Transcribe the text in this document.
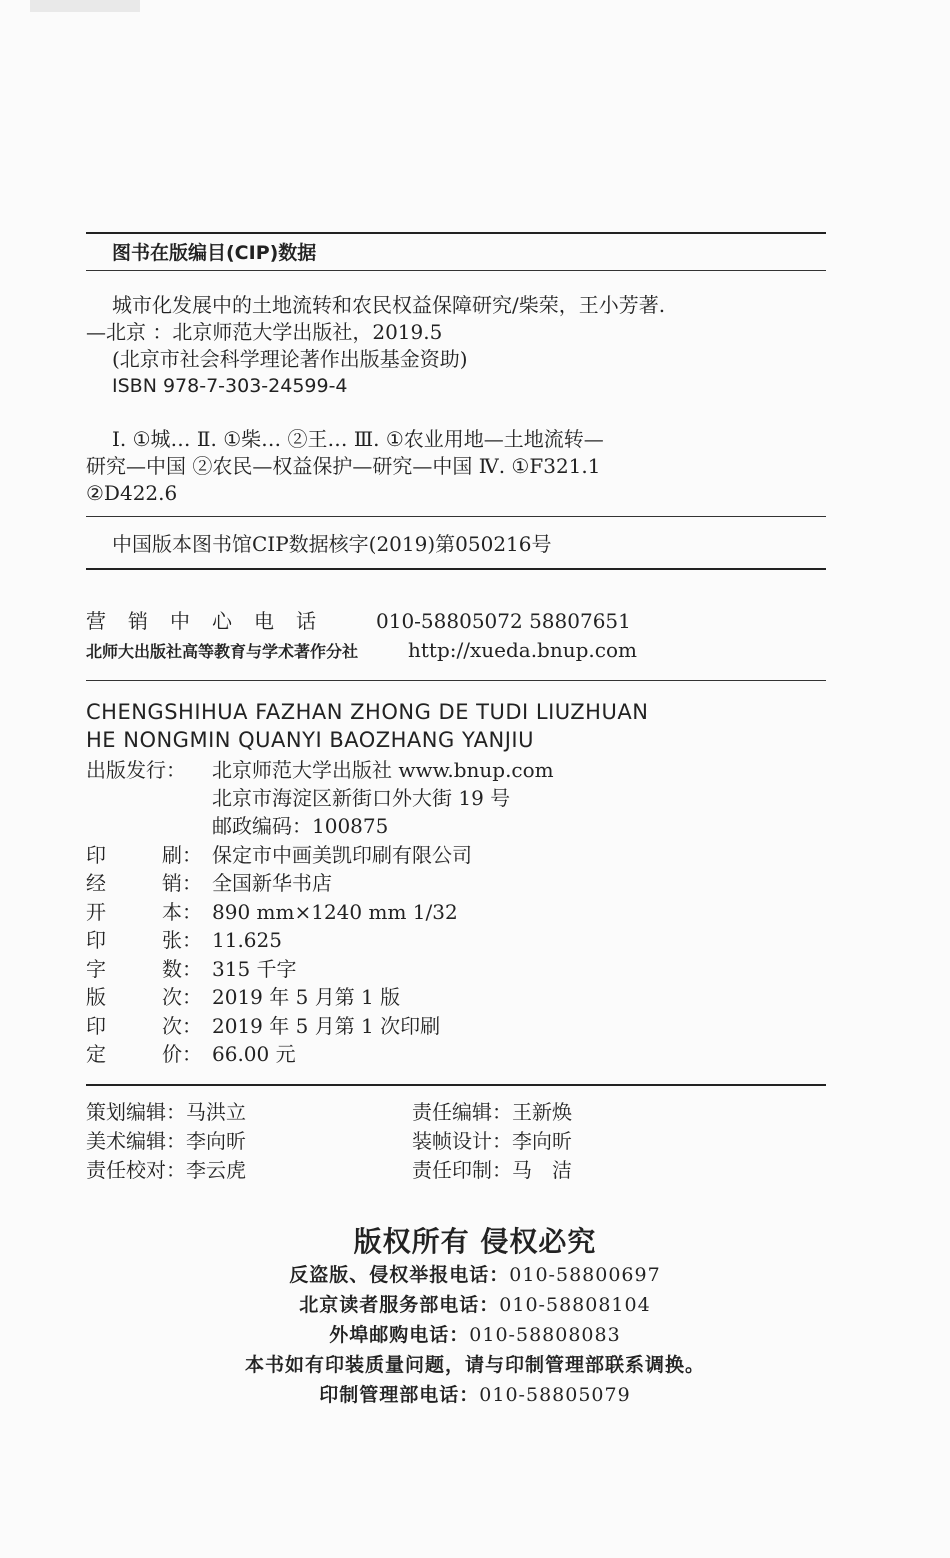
图书在版编目(CIP)数据
城市化发展中的土地流转和农民权益保障研究/柴荣，王小芳著.
—北京 ：北京师范大学出版社，2019.5
(北京市社会科学理论著作出版基金资助)
ISBN 978-7-303-24599-4
Ⅰ. ①城… Ⅱ. ①柴… ②王… Ⅲ. ①农业用地—土地流转—
研究—中国 ②农民—权益保护—研究—中国 Ⅳ. ①F321.1
②D422.6
中国版本图书馆CIP数据核字(2019)第050216号
营销中心电话 010-58805072 58807651
北师大出版社高等教育与学术著作分社 http://xueda.bnup.com
CHENGSHIHUA FAZHAN ZHONG DE TUDI LIUZHUAN
HE NONGMIN QUANYI BAOZHANG YANJIU
出版发行： 北京师范大学出版社 www.bnup.com
北京市海淀区新街口外大街 19 号
邮政编码：100875
印	刷： 保定市中画美凯印刷有限公司
经	销： 全国新华书店
开	本： 890 mm×1240 mm 1/32
印	张： 11.625
字	数： 315 千字
版	次： 2019 年 5 月第 1 版
印	次： 2019 年 5 月第 1 次印刷
定	价： 66.00 元
策划编辑：马洪立	责任编辑：王新焕
美术编辑：李向昕	装帧设计：李向昕
责任校对：李云虎	责任印制：马　洁
版权所有 侵权必究
反盗版、侵权举报电话：010-58800697
北京读者服务部电话：010-58808104
外埠邮购电话：010-58808083
本书如有印装质量问题，请与印制管理部联系调换。
印制管理部电话：010-58805079
